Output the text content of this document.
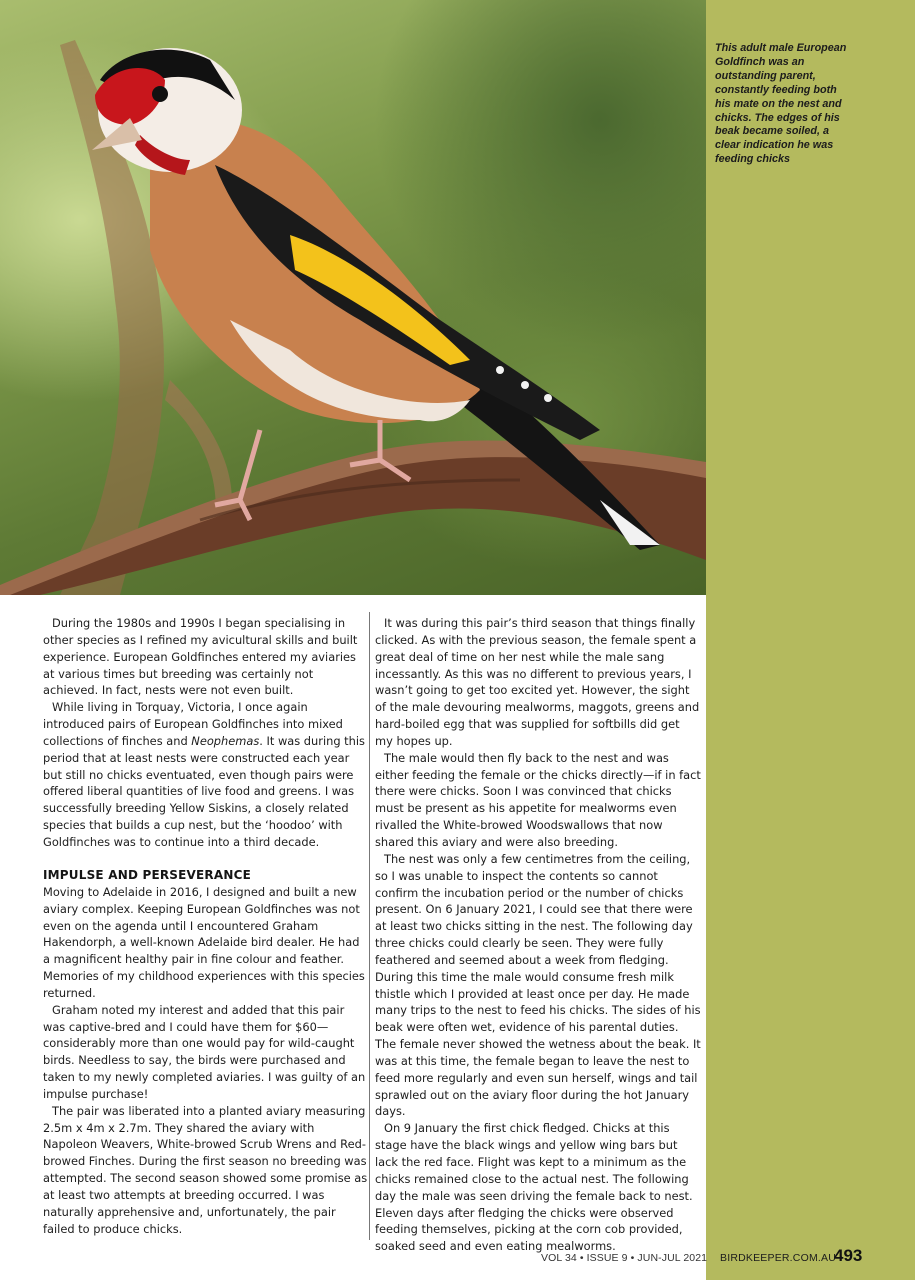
This adult male European Goldfinch was an outstanding parent, constantly feeding both his mate on the nest and chicks. The edges of his beak became soiled, a clear indication he was feeding chicks

During the 1980s and 1990s I began specialising in other species as I refined my avicultural skills and built experience. European Goldfinches entered my aviaries at various times but breeding was certainly not achieved. In fact, nests were not even built.

While living in Torquay, Victoria, I once again introduced pairs of European Goldfinches into mixed collections of finches and Neophemas. It was during this period that at least nests were constructed each year but still no chicks eventuated, even though pairs were offered liberal quantities of live food and greens. I was successfully breeding Yellow Siskins, a closely related species that builds a cup nest, but the ‘hoodoo’ with Goldfinches was to continue into a third decade.

IMPULSE AND PERSEVERANCE

Moving to Adelaide in 2016, I designed and built a new aviary complex. Keeping European Goldfinches was not even on the agenda until I encountered Graham Hakendorph, a well-known Adelaide bird dealer. He had a magnificent healthy pair in fine colour and feather. Memories of my childhood experiences with this species returned.

Graham noted my interest and added that this pair was captive-bred and I could have them for $60—considerably more than one would pay for wild-caught birds. Needless to say, the birds were purchased and taken to my newly completed aviaries. I was guilty of an impulse purchase!

The pair was liberated into a planted aviary measuring 2.5m x 4m x 2.7m. They shared the aviary with Napoleon Weavers, White-browed Scrub Wrens and Red-browed Finches. During the first season no breeding was attempted. The second season showed some promise as at least two attempts at breeding occurred. I was naturally apprehensive and, unfortunately, the pair failed to produce chicks.

It was during this pair’s third season that things finally clicked. As with the previous season, the female spent a great deal of time on her nest while the male sang incessantly. As this was no different to previous years, I wasn’t going to get too excited yet. However, the sight of the male devouring mealworms, maggots, greens and hard-boiled egg that was supplied for softbills did get my hopes up.

The male would then fly back to the nest and was either feeding the female or the chicks directly—if in fact there were chicks. Soon I was convinced that chicks must be present as his appetite for mealworms even rivalled the White-browed Woodswallows that now shared this aviary and were also breeding.

The nest was only a few centimetres from the ceiling, so I was unable to inspect the contents so cannot confirm the incubation period or the number of chicks present. On 6 January 2021, I could see that there were at least two chicks sitting in the nest. The following day three chicks could clearly be seen. They were fully feathered and seemed about a week from fledging. During this time the male would consume fresh milk thistle which I provided at least once per day. He made many trips to the nest to feed his chicks. The sides of his beak were often wet, evidence of his parental duties. The female never showed the wetness about the beak. It was at this time, the female began to leave the nest to feed more regularly and even sun herself, wings and tail sprawled out on the aviary floor during the hot January days.

On 9 January the first chick fledged. Chicks at this stage have the black wings and yellow wing bars but lack the red face. Flight was kept to a minimum as the chicks remained close to the actual nest. The following day the male was seen driving the female back to nest. Eleven days after fledging the chicks were observed feeding themselves, picking at the corn cob provided, soaked seed and even eating mealworms.

VOL 34 • ISSUE 9 • JUN-JUL 2021 BIRDKEEPER.COM.AU •
493
